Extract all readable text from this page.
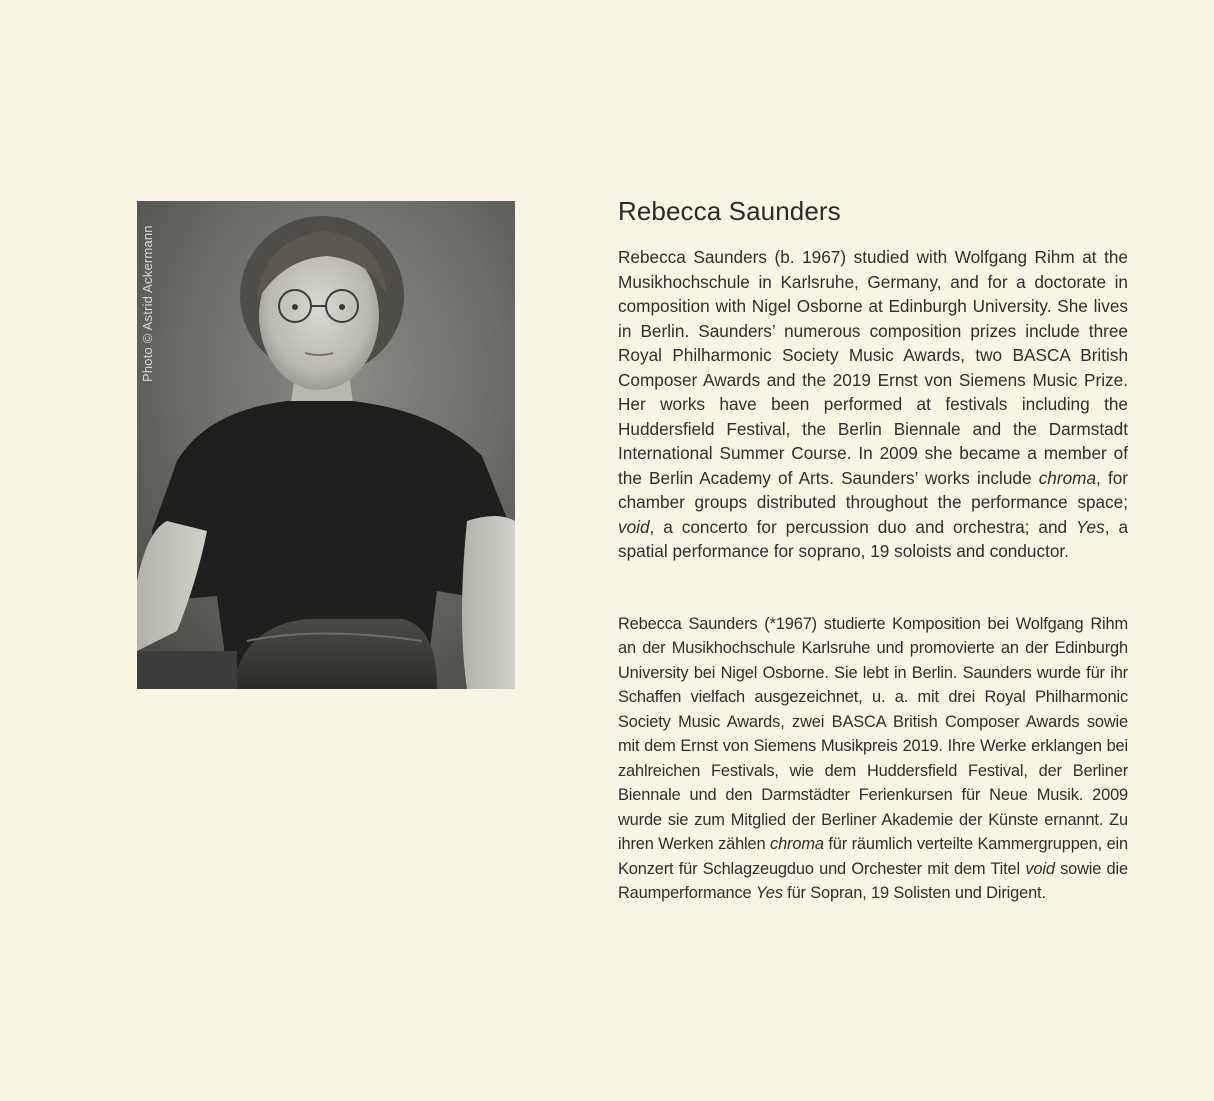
Photo © Astrid Ackermann
Rebecca Saunders

Rebecca Saunders (b. 1967) studied with Wolfgang Rihm at the Musikhochschule in Karlsruhe, Germany, and for a doctorate in composition with Nigel Osborne at Edinburgh University. She lives in Berlin. Saunders’ numerous composition prizes include three Royal Philharmonic Society Music Awards, two BASCA British Composer Awards and the 2019 Ernst von Siemens Music Prize. Her works have been performed at festivals including the Huddersfield Festival, the Berlin Biennale and the Darmstadt International Summer Course. In 2009 she became a member of the Berlin Academy of Arts. Saunders’ works include chroma, for chamber groups distributed throughout the performance space; void, a concerto for percussion duo and orchestra; and Yes, a spatial performance for soprano, 19 soloists and conductor.

Rebecca Saunders (*1967) studierte Komposition bei Wolfgang Rihm an der Musikhochschule Karlsruhe und promovierte an der Edinburgh University bei Nigel Osborne. Sie lebt in Berlin. Saunders wurde für ihr Schaffen vielfach ausgezeichnet, u. a. mit drei Royal Philharmonic Society Music Awards, zwei BASCA British Composer Awards sowie mit dem Ernst von Siemens Musikpreis 2019. Ihre Werke erklangen bei zahlreichen Festivals, wie dem Huddersfield Festival, der Berliner Biennale und den Darmstädter Ferienkursen für Neue Musik. 2009 wurde sie zum Mitglied der Berliner Akademie der Künste ernannt. Zu ihren Werken zählen chroma für räumlich verteilte Kammergruppen, ein Konzert für Schlagzeugduo und Orchester mit dem Titel void sowie die Raumperformance Yes für Sopran, 19 Solisten und Dirigent.
